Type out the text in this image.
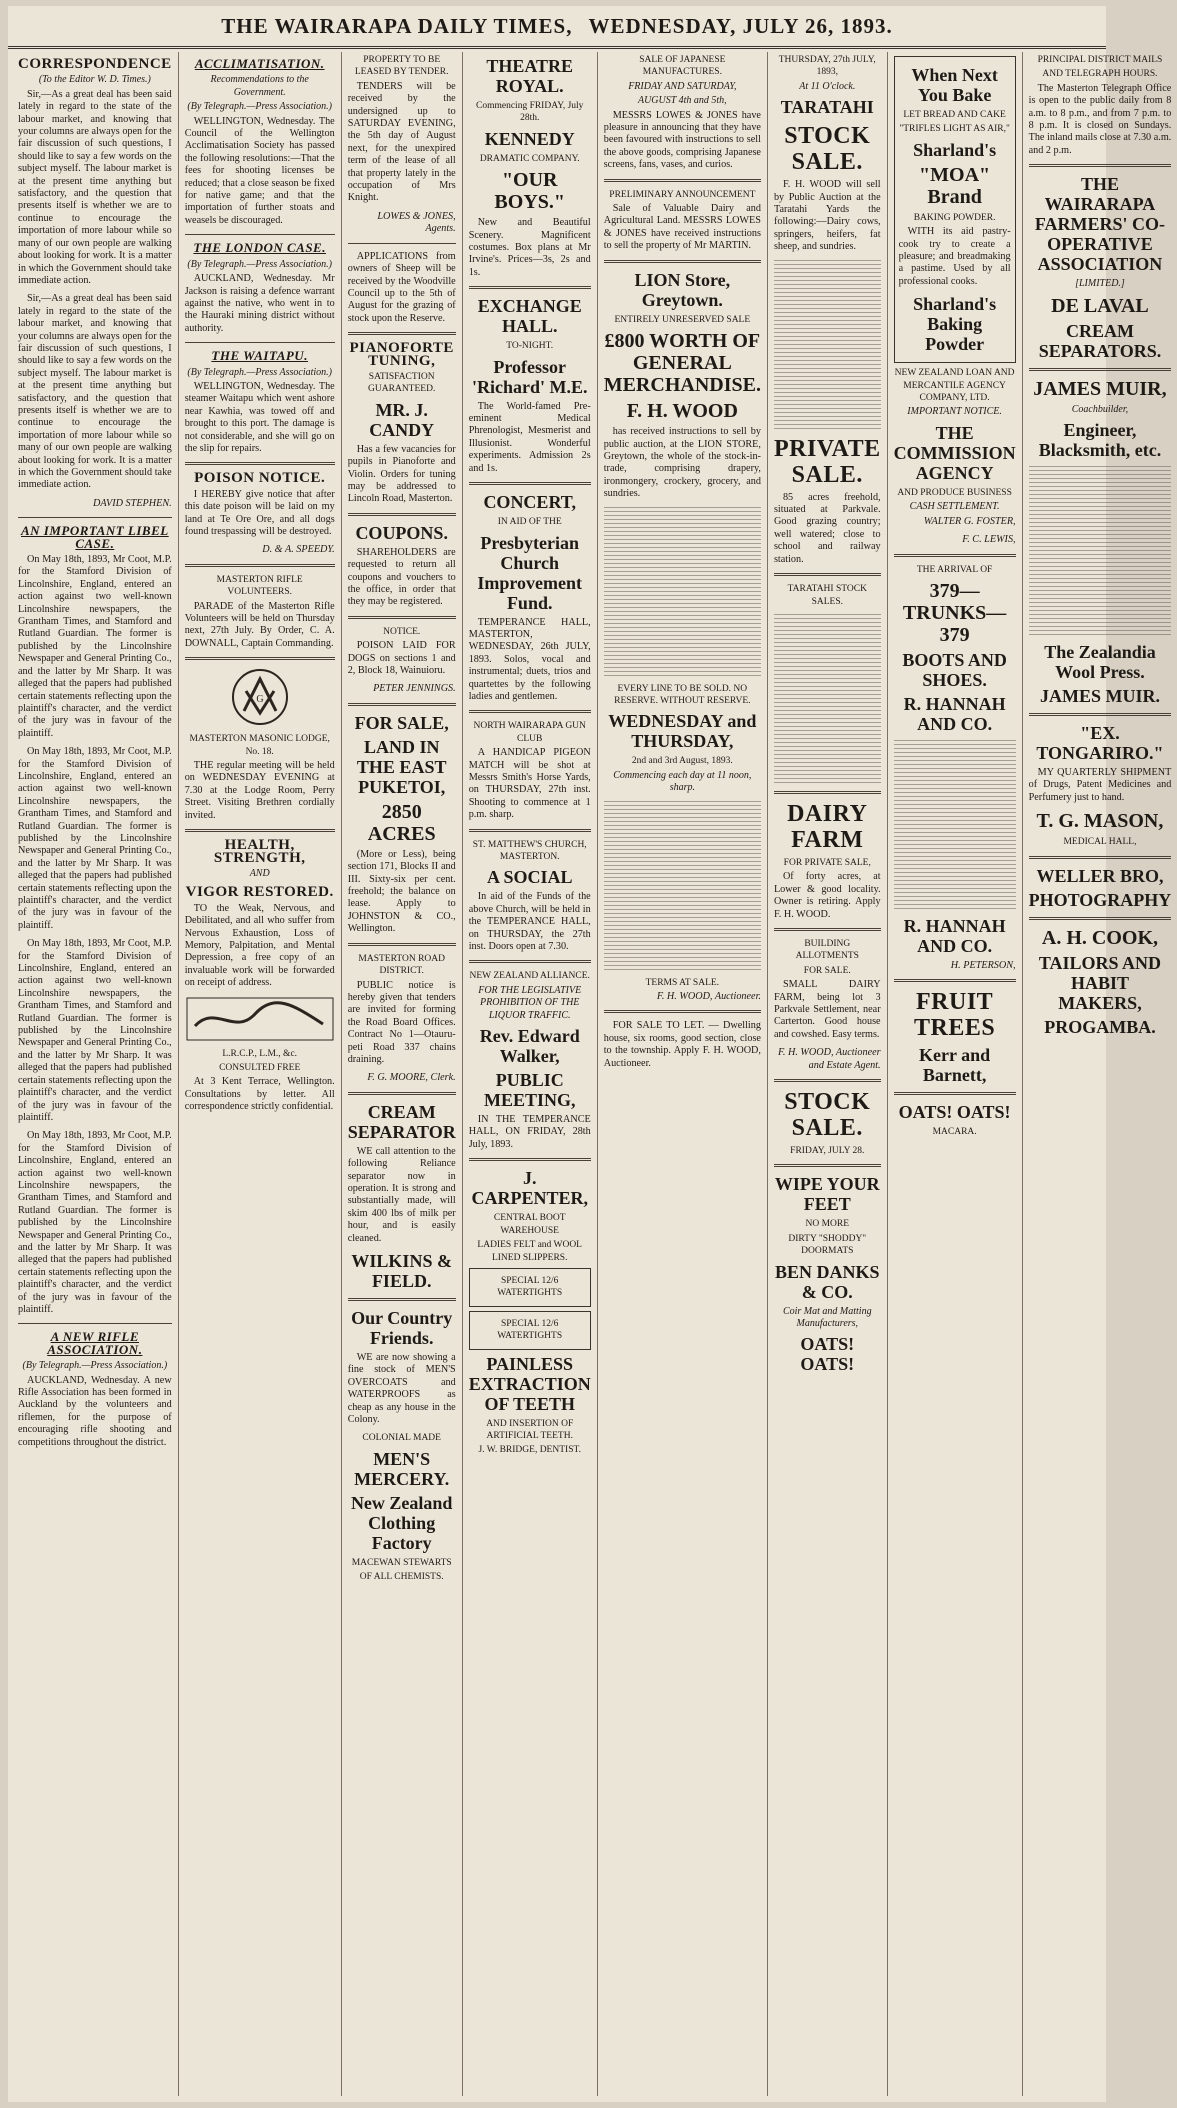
THE WAIRARAPA DAILY TIMES, WEDNESDAY, JULY 26, 1893.
CORRESPONDENCE
(To the Editor W. D. Times.)

Sir,—As a great deal has been said lately in regard to the state of the labour market, and knowing that your columns are always open for the fair discussion of such questions, I should like to say a few words on the subject myself. The labour market is at the present time anything but satisfactory, and the question that presents itself is whether we are to continue to encourage the importation of more labour while so many of our own people are walking about looking for work. It is a matter in which the Government should take immediate action.

Sir,—As a great deal has been said lately in regard to the state of the labour market, and knowing that your columns are always open for the fair discussion of such questions, I should like to say a few words on the subject myself. The labour market is at the present time anything but satisfactory, and the question that presents itself is whether we are to continue to encourage the importation of more labour while so many of our own people are walking about looking for work. It is a matter in which the Government should take immediate action.

DAVID STEPHEN.
AN IMPORTANT LIBEL CASE.

On May 18th, 1893, Mr Coot, M.P. for the Stamford Division of Lincolnshire, England, entered an action against two well-known Lincolnshire newspapers, the Grantham Times, and Stamford and Rutland Guardian. The former is published by the Lincolnshire Newspaper and General Printing Co., and the latter by Mr Sharp. It was alleged that the papers had published certain statements reflecting upon the plaintiff's character, and the verdict of the jury was in favour of the plaintiff.

On May 18th, 1893, Mr Coot, M.P. for the Stamford Division of Lincolnshire, England, entered an action against two well-known Lincolnshire newspapers, the Grantham Times, and Stamford and Rutland Guardian. The former is published by the Lincolnshire Newspaper and General Printing Co., and the latter by Mr Sharp. It was alleged that the papers had published certain statements reflecting upon the plaintiff's character, and the verdict of the jury was in favour of the plaintiff.

On May 18th, 1893, Mr Coot, M.P. for the Stamford Division of Lincolnshire, England, entered an action against two well-known Lincolnshire newspapers, the Grantham Times, and Stamford and Rutland Guardian. The former is published by the Lincolnshire Newspaper and General Printing Co., and the latter by Mr Sharp. It was alleged that the papers had published certain statements reflecting upon the plaintiff's character, and the verdict of the jury was in favour of the plaintiff.

On May 18th, 1893, Mr Coot, M.P. for the Stamford Division of Lincolnshire, England, entered an action against two well-known Lincolnshire newspapers, the Grantham Times, and Stamford and Rutland Guardian. The former is published by the Lincolnshire Newspaper and General Printing Co., and the latter by Mr Sharp. It was alleged that the papers had published certain statements reflecting upon the plaintiff's character, and the verdict of the jury was in favour of the plaintiff.

A NEW RIFLE ASSOCIATION.
(By Telegraph.—Press Association.)

AUCKLAND, Wednesday. A new Rifle Association has been formed in Auckland by the volunteers and riflemen, for the purpose of encouraging rifle shooting and competitions throughout the district.

ACCLIMATISATION.
Recommendations to the Government.
(By Telegraph.—Press Association.)

WELLINGTON, Wednesday. The Council of the Wellington Acclimatisation Society has passed the following resolutions:—That the fees for shooting licenses be reduced; that a close season be fixed for native game; and that the importation of further stoats and weasels be discouraged.

THE LONDON CASE.
(By Telegraph.—Press Association.)

AUCKLAND, Wednesday. Mr Jackson is raising a defence warrant against the native, who went in to the Hauraki mining district without authority.

THE WAITAPU.
(By Telegraph.—Press Association.)

WELLINGTON, Wednesday. The steamer Waitapu which went ashore near Kawhia, was towed off and brought to this port. The damage is not considerable, and she will go on the slip for repairs.

POISON NOTICE.

I HEREBY give notice that after this date poison will be laid on my land at Te Ore Ore, and all dogs found trespassing will be destroyed.

D. & A. SPEEDY.
MASTERTON RIFLE VOLUNTEERS.

PARADE of the Masterton Rifle Volunteers will be held on Thursday next, 27th July. By Order, C. A. DOWNALL, Captain Commanding.

G
MASTERTON MASONIC LODGE, No. 18.

THE regular meeting will be held on WEDNESDAY EVENING at 7.30 at the Lodge Room, Perry Street. Visiting Brethren cordially invited.

HEALTH, STRENGTH,
AND
VIGOR RESTORED.

TO the Weak, Nervous, and Debilitated, and all who suffer from Nervous Exhaustion, Loss of Memory, Palpitation, and Mental Depression, a free copy of an invaluable work will be forwarded on receipt of address.

L.R.C.P., L.M., &c.
CONSULTED FREE

At 3 Kent Terrace, Wellington. Consultations by letter. All correspondence strictly confidential.

PROPERTY TO BE LEASED BY TENDER.

TENDERS will be received by the undersigned up to SATURDAY EVENING, the 5th day of August next, for the unexpired term of the lease of all that property lately in the occupation of Mrs Knight.

LOWES & JONES, Agents.

APPLICATIONS from owners of Sheep will be received by the Woodville Council up to the 5th of August for the grazing of stock upon the Reserve.

PIANOFORTE TUNING,
SATISFACTION GUARANTEED.
MR. J. CANDY

Has a few vacancies for pupils in Pianoforte and Violin. Orders for tuning may be addressed to Lincoln Road, Masterton.

COUPONS.

SHAREHOLDERS are requested to return all coupons and vouchers to the office, in order that they may be registered.

NOTICE.

POISON LAID FOR DOGS on sections 1 and 2, Block 18, Wainuioru.

PETER JENNINGS.
FOR SALE,
LAND IN THE EAST PUKETOI,
2850 ACRES

(More or Less), being section 171, Blocks II and III. Sixty-six per cent. freehold; the balance on lease. Apply to JOHNSTON & CO., Wellington.

MASTERTON ROAD DISTRICT.

PUBLIC notice is hereby given that tenders are invited for forming the Road Board Offices. Contract No 1—Otauru-peti Road 337 chains draining.

F. G. MOORE, Clerk.
CREAM SEPARATOR

WE call attention to the following Reliance separator now in operation. It is strong and substantially made, will skim 400 lbs of milk per hour, and is easily cleaned.

WILKINS & FIELD.
Our Country Friends.

WE are now showing a fine stock of MEN'S OVERCOATS and WATERPROOFS as cheap as any house in the Colony.

COLONIAL MADE
MEN'S MERCERY.
New Zealand Clothing Factory
MACEWAN STEWARTS
OF ALL CHEMISTS.
THEATRE ROYAL.
Commencing FRIDAY, July 28th.
KENNEDY
DRAMATIC COMPANY.
"OUR BOYS."

New and Beautiful Scenery. Magnificent costumes. Box plans at Mr Irvine's. Prices—3s, 2s and 1s.

EXCHANGE HALL.
TO-NIGHT.
Professor 'Richard' M.E.

The World-famed Pre-eminent Medical Phrenologist, Mesmerist and Illusionist. Wonderful experiments. Admission 2s and 1s.

CONCERT,
IN AID OF THE
Presbyterian Church Improvement Fund.

TEMPERANCE HALL, MASTERTON, WEDNESDAY, 26th JULY, 1893. Solos, vocal and instrumental; duets, trios and quartettes by the following ladies and gentlemen.

NORTH WAIRARAPA GUN CLUB

A HANDICAP PIGEON MATCH will be shot at Messrs Smith's Horse Yards, on THURSDAY, 27th inst. Shooting to commence at 1 p.m. sharp.

ST. MATTHEW'S CHURCH, MASTERTON.
A SOCIAL

In aid of the Funds of the above Church, will be held in the TEMPERANCE HALL, on THURSDAY, the 27th inst. Doors open at 7.30.

NEW ZEALAND ALLIANCE.
FOR THE LEGISLATIVE PROHIBITION OF THE LIQUOR TRAFFIC.
Rev. Edward Walker,
PUBLIC MEETING,

IN THE TEMPERANCE HALL, ON FRIDAY, 28th July, 1893.

J. CARPENTER,
CENTRAL BOOT WAREHOUSE
LADIES FELT and WOOL LINED SLIPPERS.
SPECIAL 12/6 WATERTIGHTS
SPECIAL 12/6 WATERTIGHTS
PAINLESS EXTRACTION OF TEETH
AND INSERTION OF ARTIFICIAL TEETH.
J. W. BRIDGE, DENTIST.
SALE OF JAPANESE MANUFACTURES.
FRIDAY AND SATURDAY,
AUGUST 4th and 5th,

MESSRS LOWES & JONES have pleasure in announcing that they have been favoured with instructions to sell the above goods, comprising Japanese screens, fans, vases, and curios.

PRELIMINARY ANNOUNCEMENT

Sale of Valuable Dairy and Agricultural Land. MESSRS LOWES & JONES have received instructions to sell the property of Mr MARTIN.

LION Store, Greytown.
ENTIRELY UNRESERVED SALE
£800 WORTH OF GENERAL MERCHANDISE.
F. H. WOOD

has received instructions to sell by public auction, at the LION STORE, Greytown, the whole of the stock-in-trade, comprising drapery, ironmongery, crockery, grocery, and sundries.

EVERY LINE TO BE SOLD. NO RESERVE. WITHOUT RESERVE.
WEDNESDAY and THURSDAY,
2nd and 3rd August, 1893.
Commencing each day at 11 noon, sharp.
TERMS AT SALE.
F. H. WOOD, Auctioneer.

FOR SALE TO LET. — Dwelling house, six rooms, good section, close to the township. Apply F. H. WOOD, Auctioneer.

THURSDAY, 27th JULY, 1893,
At 11 O'clock.
TARATAHI
STOCK SALE.

F. H. WOOD will sell by Public Auction at the Taratahi Yards the following:—Dairy cows, springers, heifers, fat sheep, and sundries.

PRIVATE SALE.

85 acres freehold, situated at Parkvale. Good grazing country; well watered; close to school and railway station.

TARATAHI STOCK SALES.
DAIRY FARM
FOR PRIVATE SALE,

Of forty acres, at Lower & good locality. Owner is retiring. Apply F. H. WOOD.

BUILDING ALLOTMENTS
FOR SALE.

SMALL DAIRY FARM, being lot 3 Parkvale Settlement, near Carterton. Good house and cowshed. Easy terms.

F. H. WOOD, Auctioneer and Estate Agent.
STOCK SALE.
FRIDAY, JULY 28.
WIPE YOUR FEET
NO MORE
DIRTY "SHODDY" DOORMATS
BEN DANKS & CO.
Coir Mat and Matting Manufacturers,
OATS! OATS!
When Next You Bake
LET BREAD AND CAKE
"TRIFLES LIGHT AS AIR,"
Sharland's
"MOA" Brand
BAKING POWDER.

WITH its aid pastry-cook try to create a pleasure; and breadmaking a pastime. Used by all professional cooks.

Sharland's Baking Powder
NEW ZEALAND LOAN AND MERCANTILE AGENCY COMPANY, LTD.
IMPORTANT NOTICE.
THE COMMISSION AGENCY
AND PRODUCE BUSINESS
CASH SETTLEMENT.
WALTER G. FOSTER,
F. C. LEWIS,
THE ARRIVAL OF
379—TRUNKS—379
BOOTS AND SHOES.
R. HANNAH AND CO.
R. HANNAH AND CO.
H. PETERSON,
FRUIT TREES
Kerr and Barnett,
OATS! OATS!
MACARA.
PRINCIPAL DISTRICT MAILS
AND TELEGRAPH HOURS.

The Masterton Telegraph Office is open to the public daily from 8 a.m. to 8 p.m., and from 7 p.m. to 8 p.m. It is closed on Sundays. The inland mails close at 7.30 a.m. and 2 p.m.

THE WAIRARAPA FARMERS' CO-OPERATIVE ASSOCIATION
[LIMITED.]
DE LAVAL
CREAM SEPARATORS.
JAMES MUIR,
Coachbuilder,
Engineer, Blacksmith, etc.
The Zealandia Wool Press.
JAMES MUIR.
"EX. TONGARIRO."

MY QUARTERLY SHIPMENT of Drugs, Patent Medicines and Perfumery just to hand.

T. G. MASON,
MEDICAL HALL,
WELLER BRO,
PHOTOGRAPHY
A. H. COOK,
TAILORS AND HABIT MAKERS,
PROGAMBA.
